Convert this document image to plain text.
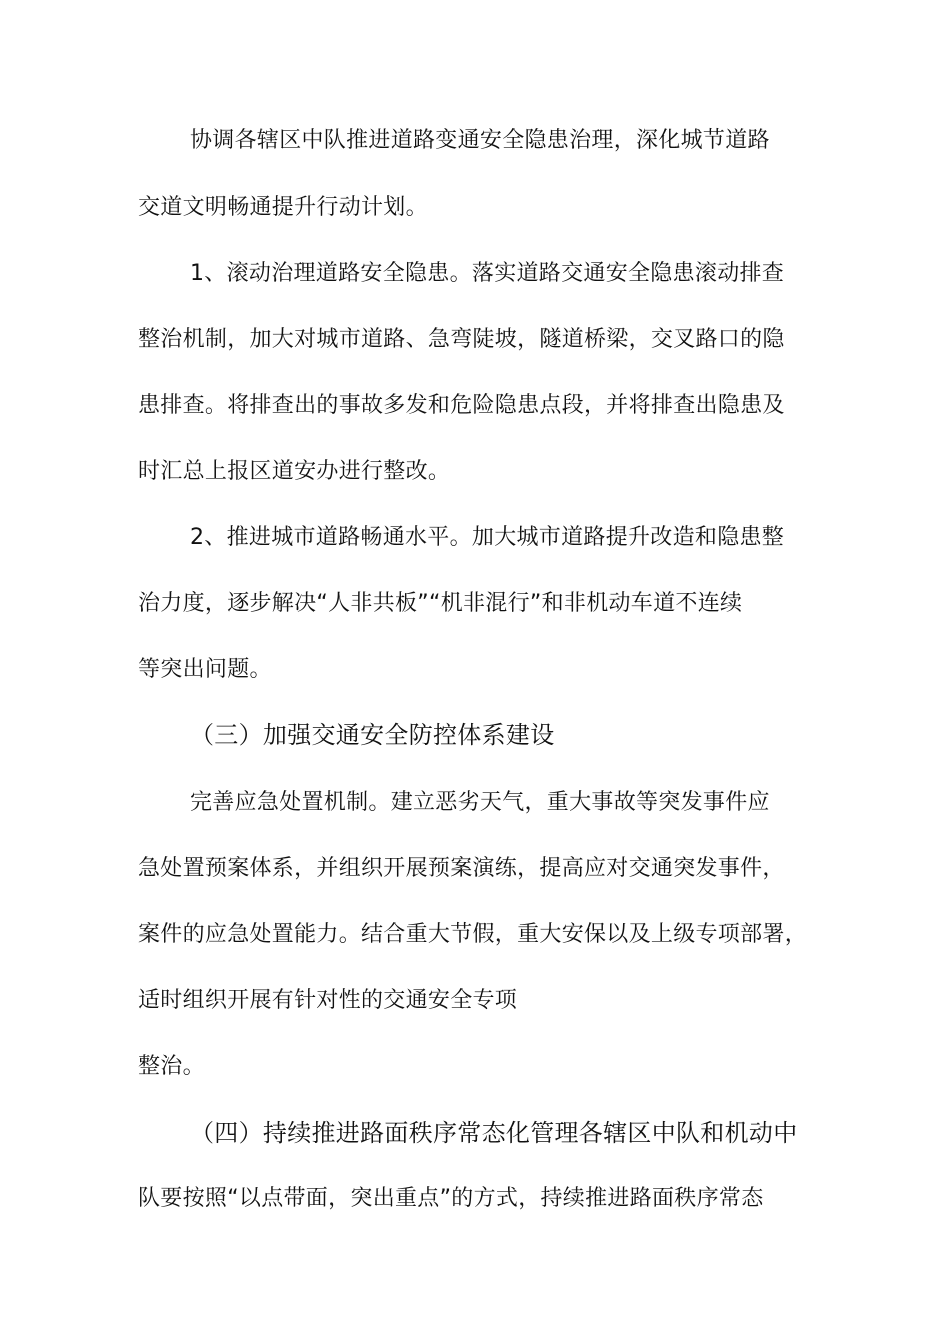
协调各辖区中队推进道路变通安全隐患治理，深化城节道路
交道文明畅通提升行动计划。
1、滚动治理道路安全隐患。落实道路交通安全隐患滚动排查
整治机制，加大对城市道路、急弯陡坡，隧道桥梁，交叉路口的隐
患排查。将排查出的事故多发和危险隐患点段，并将排查出隐患及
时汇总上报区道安办进行整改。
2、推进城市道路畅通水平。加大城市道路提升改造和隐患整
治力度，逐步解决“人非共板”“机非混行”和非机动车道不连续
等突出问题。
（三）加强交通安全防控体系建设
完善应急处置机制。建立恶劣天气，重大事故等突发事件应
急处置预案体系，并组织开展预案演练，提高应对交通突发事件，
案件的应急处置能力。结合重大节假，重大安保以及上级专项部署，
适时组织开展有针对性的交通安全专项
整治。
（四）持续推进路面秩序常态化管理各辖区中队和机动中
队要按照“以点带面，突出重点”的方式，持续推进路面秩序常态
